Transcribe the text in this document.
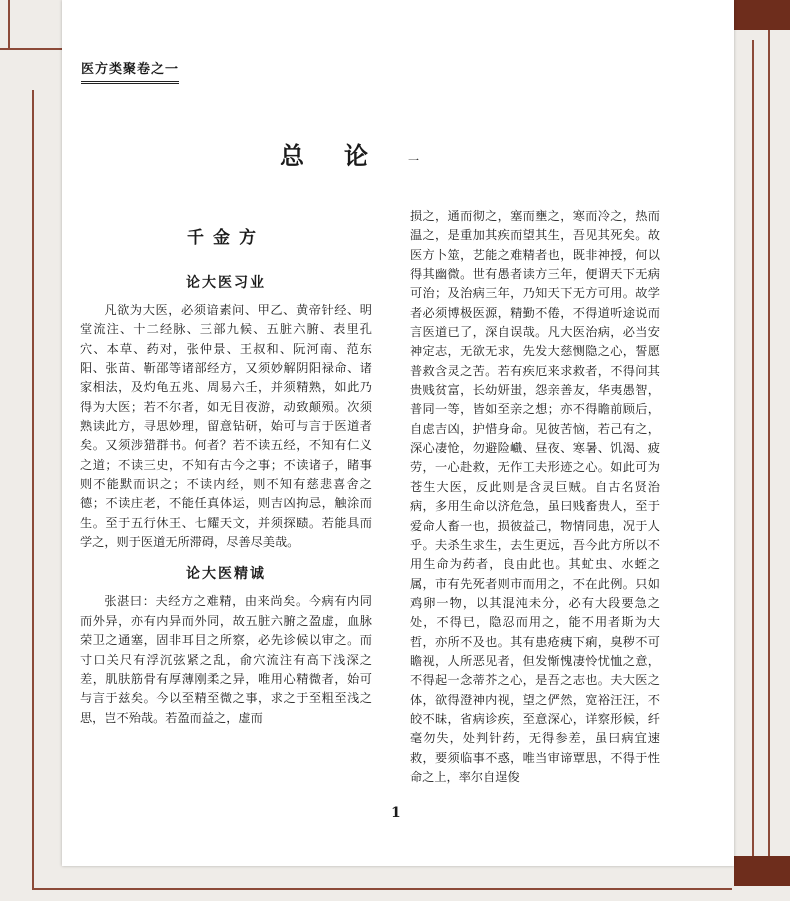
医方类聚卷之一
总论一
千金方
论大医习业

凡欲为大医，必须谙素问、甲乙、黄帝针经、明堂流注、十二经脉、三部九候、五脏六腑、表里孔穴、本草、药对，张仲景、王叔和、阮河南、范东阳、张苗、靳邵等诸部经方，又须妙解阴阳禄命、诸家相法，及灼龟五兆、周易六壬，并须精熟，如此乃得为大医；若不尔者，如无目夜游，动致颠殒。次须熟读此方，寻思妙理，留意钻研，始可与言于医道者矣。又须涉猎群书。何者？若不读五经，不知有仁义之道；不读三史，不知有古今之事；不读诸子，睹事则不能默而识之；不读内经，则不知有慈悲喜舍之德；不读庄老，不能任真体运，则吉凶拘忌，触涂而生。至于五行休王、七耀天文，并须探赜。若能具而学之，则于医道无所滞碍，尽善尽美哉。

论大医精诚

张湛曰：夫经方之难精，由来尚矣。今病有内同而外异，亦有内异而外同，故五脏六腑之盈虚，血脉荣卫之通塞，固非耳目之所察，必先诊候以审之。而寸口关尺有浮沉弦紧之乱，俞穴流注有高下浅深之差，肌肤筋骨有厚薄刚柔之异，唯用心精微者，始可与言于兹矣。今以至精至微之事，求之于至粗至浅之思，岂不殆哉。若盈而益之，虚而

损之，通而彻之，塞而壅之，寒而冷之，热而温之，是重加其疾而望其生，吾见其死矣。故医方卜筮，艺能之难精者也，既非神授，何以得其幽微。世有愚者读方三年，便谓天下无病可治；及治病三年，乃知天下无方可用。故学者必须博极医源，精勤不倦，不得道听途说而言医道已了，深自误哉。凡大医治病，必当安神定志，无欲无求，先发大慈恻隐之心，誓愿普救含灵之苦。若有疾厄来求救者，不得问其贵贱贫富，长幼妍蚩，怨亲善友，华夷愚智，普同一等，皆如至亲之想；亦不得瞻前顾后，自虑吉凶，护惜身命。见彼苦恼，若己有之，深心凄怆，勿避险巇、昼夜、寒暑、饥渴、疲劳，一心赴救，无作工夫形迹之心。如此可为苍生大医，反此则是含灵巨贼。自古名贤治病，多用生命以济危急，虽曰贱畜贵人，至于爱命人畜一也，损彼益己，物情同患，况于人乎。夫杀生求生，去生更远，吾今此方所以不用生命为药者，良由此也。其虻虫、水蛭之属，市有先死者则市而用之，不在此例。只如鸡卵一物，以其混沌未分，必有大段要急之处，不得已，隐忍而用之，能不用者斯为大哲，亦所不及也。其有患疮痍下痢，臭秽不可瞻视，人所恶见者，但发惭愧凄怜忧恤之意，不得起一念蒂芥之心，是吾之志也。夫大医之体，欲得澄神内视，望之俨然，宽裕汪汪，不皎不昧，省病诊疾，至意深心，详察形候，纤毫勿失，处判针药，无得参差，虽曰病宜速救，要须临事不惑，唯当审谛覃思，不得于性命之上，率尔自逞俊

1
